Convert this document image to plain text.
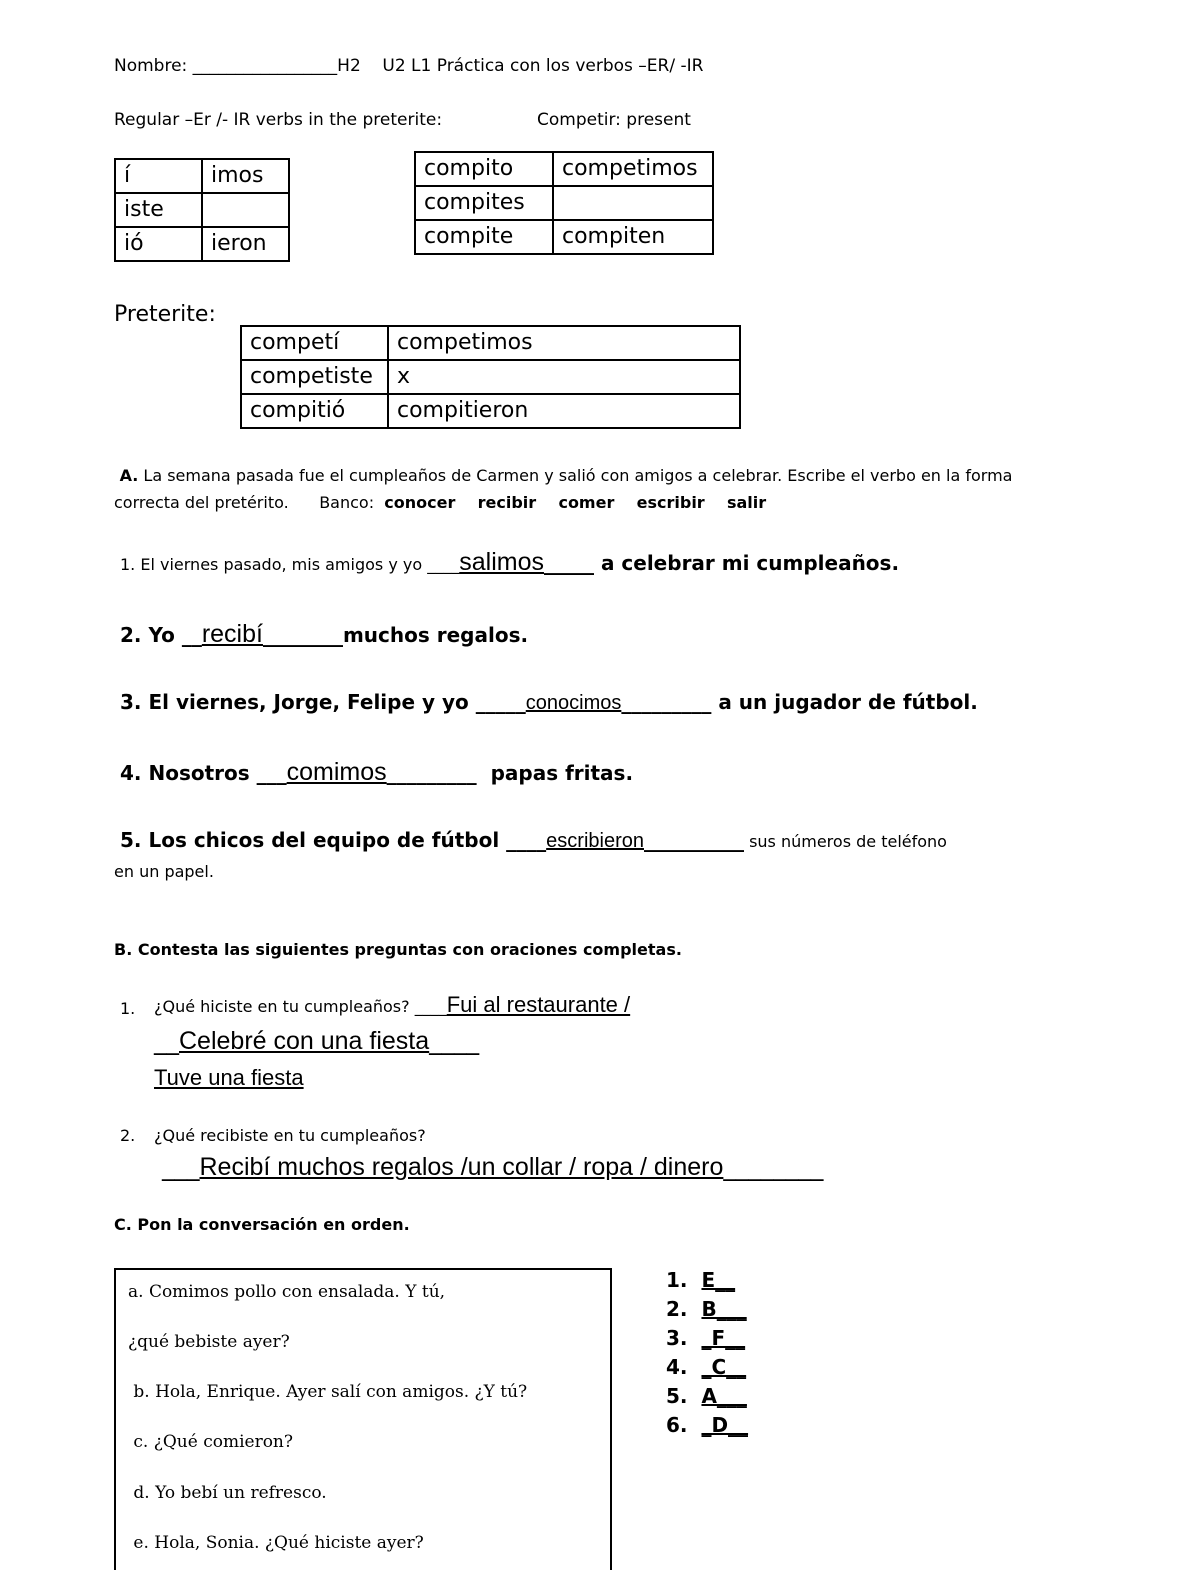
Nombre: _________________H2    U2 L1 Práctica con los verbos –ER/ -IR
Regular –Er /- IR verbs in the preterite:	Competir: present
í	imos
iste	
ió	ieron
compito	competimos
compites	
compite	compiten
Preterite:
competí	competimos
competiste	x
compitió	compitieron
A. La semana pasada fue el cumpleaños de Carmen y salió con amigos a celebrar. Escribe el verbo en la forma
correcta del pretérito.      Banco: conocer    recibir    comer    escribir    salir
1. El viernes pasado, mis amigos y yo ____salimos_____ a celebrar mi cumpleaños.
2. Yo __recibí________muchos regalos.
3. El viernes, Jorge, Felipe y yo _____conocimos_________ a un jugador de fútbol.
4. Nosotros ___comimos_________  papas fritas.
5. Los chicos del equipo de fútbol ____escribieron__________ sus números de teléfono
en un papel.
B. Contesta las siguientes preguntas con oraciones completas.
1. ¿Qué hiciste en tu cumpleaños? ____Fui al restaurante /
__Celebré con una fiesta____
Tuve una fiesta
2. ¿Qué recibiste en tu cumpleaños?
___Recibí muchos regalos /un collar / ropa / dinero________
C. Pon la conversación en orden.
a. Comimos pollo con ensalada. Y tú,
¿qué bebiste ayer?
b. Hola, Enrique. Ayer salí con amigos. ¿Y tú?
c. ¿Qué comieron?
d. Yo bebí un refresco.
e. Hola, Sonia. ¿Qué hiciste ayer?
1. E__
2. B___
3. _F__
4. _C__
5. A___
6. _D__
